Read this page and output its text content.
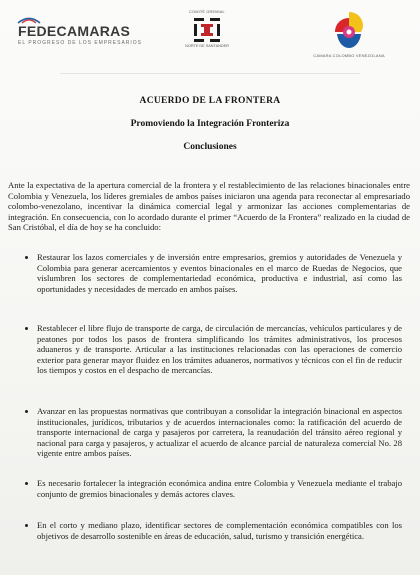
FEDECAMARAS
EL PROGRESO DE LOS EMPRESARIOS
COMITÉ GREMIAL
NORTE DE SANTANDER
CAMARA COLOMBO VENEZOLANA
ACUERDO DE LA FRONTERA
Promoviendo la Integración Fronteriza
Conclusiones

Ante la expectativa de la apertura comercial de la frontera y el restablecimiento de las relaciones binacionales entre Colombia y Venezuela, los líderes gremiales de ambos países iniciaron una agenda para reconectar al empresariado colombo-venezolano, incentivar la dinámica comercial legal y armonizar las acciones complementarias de integración. En consecuencia, con lo acordado durante el primer “Acuerdo de la Frontera” realizado en la ciudad de San Cristóbal, el día de hoy se ha concluido:

Restaurar los lazos comerciales y de inversión entre empresarios, gremios y autoridades de Venezuela y Colombia para generar acercamientos y eventos binacionales en el marco de Ruedas de Negocios, que vislumbren los sectores de complementariedad económica, productiva e industrial, así como las oportunidades y necesidades de mercado en ambos países.

Restablecer el libre flujo de transporte de carga, de circulación de mercancías, vehículos particulares y de peatones por todos los pasos de frontera simplificando los trámites administrativos, los procesos aduaneros y de transporte. Articular a las instituciones relacionadas con las operaciones de comercio exterior para generar mayor fluidez en los trámites aduaneros, normativos y técnicos con el fin de reducir los tiempos y costos en el despacho de mercancías.

Avanzar en las propuestas normativas que contribuyan a consolidar la integración binacional en aspectos institucionales, jurídicos, tributarios y de acuerdos internacionales como: la ratificación del acuerdo de transporte internacional de carga y pasajeros por carretera, la reanudación del tránsito aéreo regional y nacional para carga y pasajeros, y actualizar el acuerdo de alcance parcial de naturaleza comercial No. 28 vigente entre ambos países.

Es necesario fortalecer la integración económica andina entre Colombia y Venezuela mediante el trabajo conjunto de gremios binacionales y demás actores claves.

En el corto y mediano plazo, identificar sectores de complementación económica compatibles con los objetivos de desarrollo sostenible en áreas de educación, salud, turismo y transición energética.
